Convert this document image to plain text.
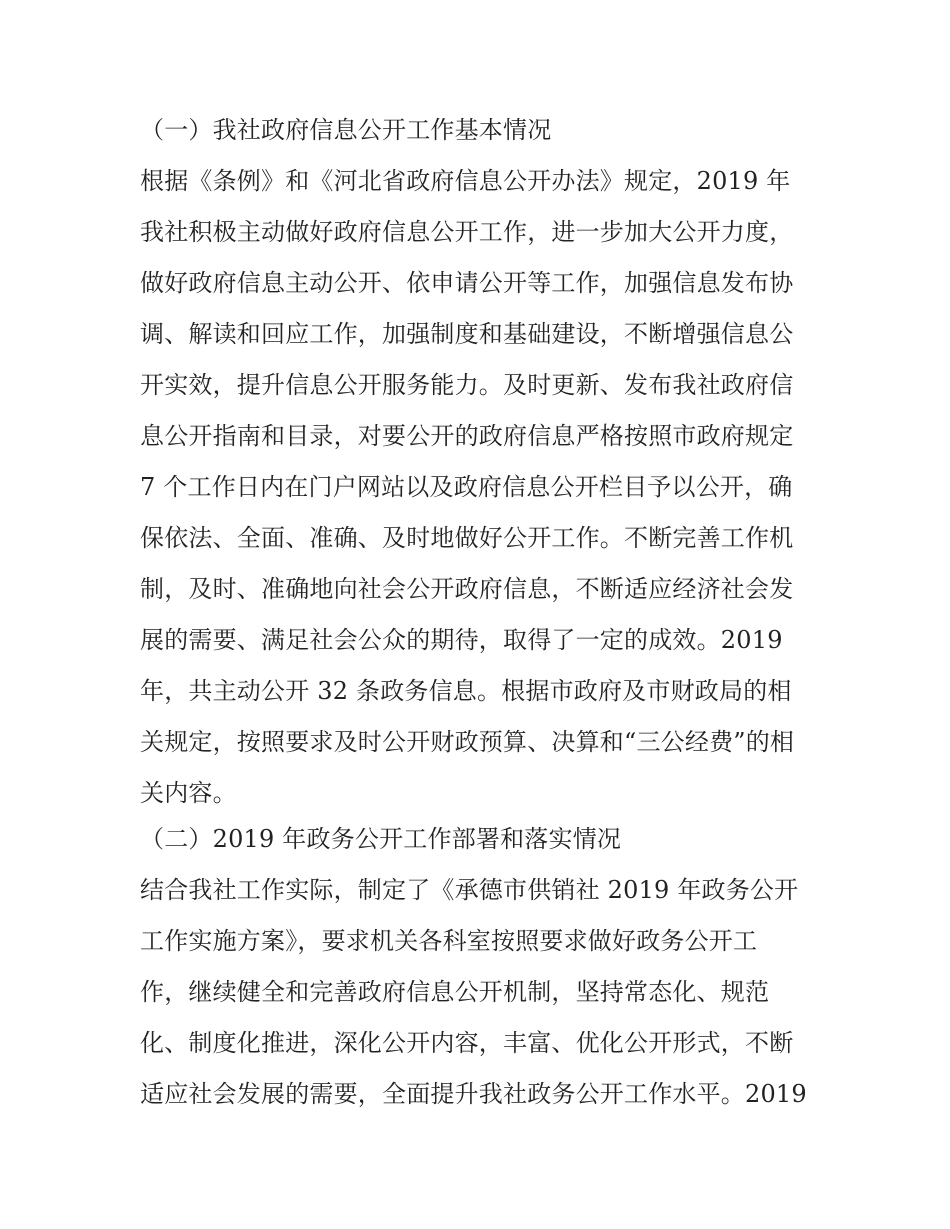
（一）我社政府信息公开工作基本情况
根据《条例》和《河北省政府信息公开办法》规定，2019 年
我社积极主动做好政府信息公开工作，进一步加大公开力度，
做好政府信息主动公开、依申请公开等工作，加强信息发布协
调、解读和回应工作，加强制度和基础建设，不断增强信息公
开实效，提升信息公开服务能力。及时更新、发布我社政府信
息公开指南和目录，对要公开的政府信息严格按照市政府规定
7 个工作日内在门户网站以及政府信息公开栏目予以公开，确
保依法、全面、准确、及时地做好公开工作。不断完善工作机
制，及时、准确地向社会公开政府信息，不断适应经济社会发
展的需要、满足社会公众的期待，取得了一定的成效。2019
年，共主动公开 32 条政务信息。根据市政府及市财政局的相
关规定，按照要求及时公开财政预算、决算和“三公经费”的相
关内容。
（二）2019 年政务公开工作部署和落实情况
结合我社工作实际，制定了《承德市供销社 2019 年政务公开
工作实施方案》，要求机关各科室按照要求做好政务公开工
作，继续健全和完善政府信息公开机制，坚持常态化、规范
化、制度化推进，深化公开内容，丰富、优化公开形式，不断
适应社会发展的需要，全面提升我社政务公开工作水平。2019
